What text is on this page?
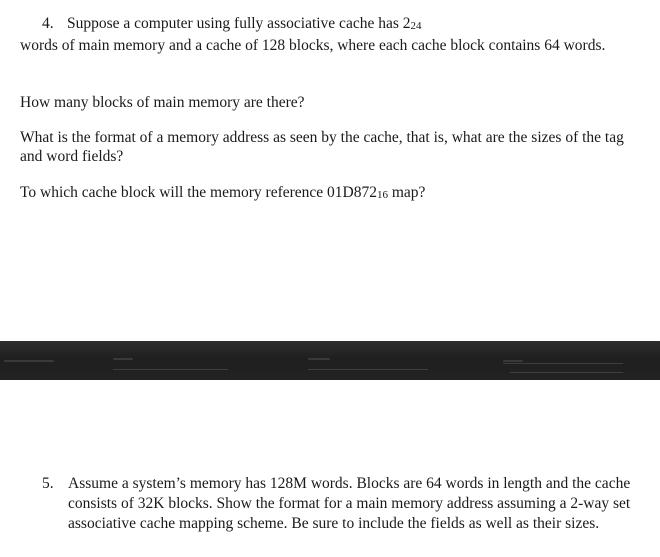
4. Suppose a computer using fully associative cache has 224
words of main memory and a cache of 128 blocks, where each cache block contains 64 words.
How many blocks of main memory are there?
What is the format of a memory address as seen by the cache, that is, what are the sizes of the tag and word fields?
To which cache block will the memory reference 01D87216 map?
5. Assume a system’s memory has 128M words. Blocks are 64 words in length and the cache consists of 32K blocks. Show the format for a main memory address assuming a 2-way set associative cache mapping scheme. Be sure to include the fields as well as their sizes.
